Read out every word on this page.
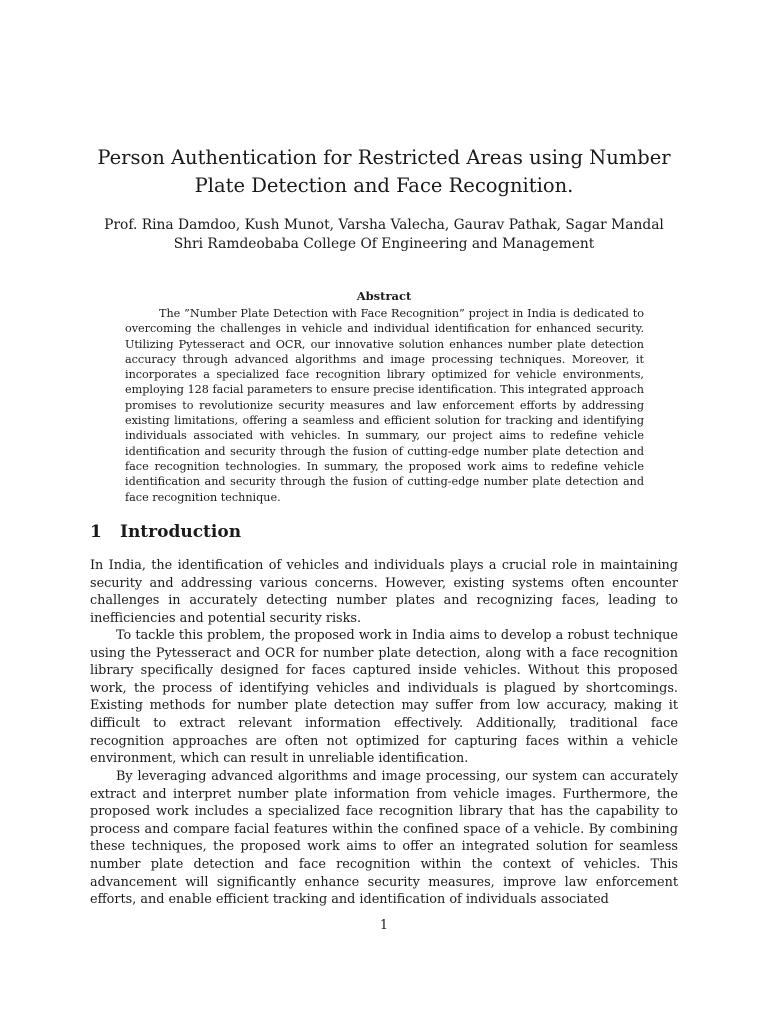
Person Authentication for Restricted Areas using Number Plate Detection and Face Recognition.
Prof. Rina Damdoo, Kush Munot, Varsha Valecha, Gaurav Pathak, Sagar Mandal
Shri Ramdeobaba College Of Engineering and Management
Abstract

The ”Number Plate Detection with Face Recognition” project in India is dedicated to overcoming the challenges in vehicle and individual identification for enhanced security. Utilizing Pytesseract and OCR, our innovative solution enhances number plate detection accuracy through advanced algorithms and image processing techniques. Moreover, it incorporates a specialized face recognition library optimized for vehicle environments, employing 128 facial parameters to ensure precise identification. This integrated approach promises to revolutionize security measures and law enforcement efforts by addressing existing limitations, offering a seamless and efficient solution for tracking and identifying individuals associated with vehicles. In summary, our project aims to redefine vehicle identification and security through the fusion of cutting-edge number plate detection and face recognition technologies. In summary, the proposed work aims to redefine vehicle identification and security through the fusion of cutting-edge number plate detection and face recognition technique.

1 Introduction

In India, the identification of vehicles and individuals plays a crucial role in maintaining security and addressing various concerns. However, existing systems often encounter challenges in accurately detecting number plates and recognizing faces, leading to inefficiencies and potential security risks.

To tackle this problem, the proposed work in India aims to develop a robust technique using the Pytesseract and OCR for number plate detection, along with a face recognition library specifically designed for faces captured inside vehicles. Without this proposed work, the process of identifying vehicles and individuals is plagued by shortcomings. Existing methods for number plate detection may suffer from low accuracy, making it difficult to extract relevant information effectively. Additionally, traditional face recognition approaches are often not optimized for capturing faces within a vehicle environment, which can result in unreliable identification.

By leveraging advanced algorithms and image processing, our system can accurately extract and interpret number plate information from vehicle images. Furthermore, the proposed work includes a specialized face recognition library that has the capability to process and compare facial features within the confined space of a vehicle. By combining these techniques, the proposed work aims to offer an integrated solution for seamless number plate detection and face recognition within the context of vehicles. This advancement will significantly enhance security measures, improve law enforcement efforts, and enable efficient tracking and identification of individuals associated

1
